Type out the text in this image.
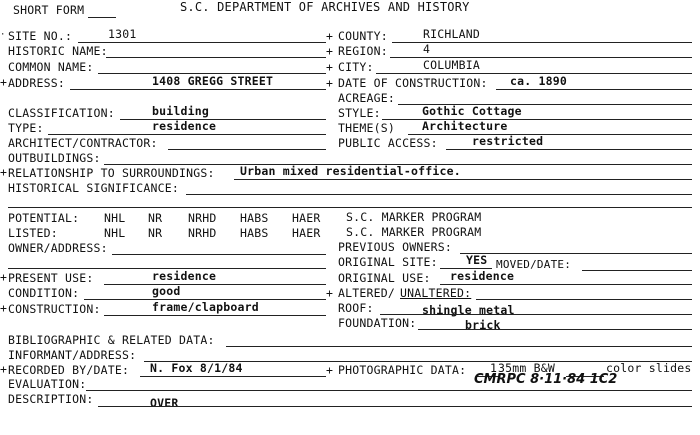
SHORT FORM	S.C. DEPARTMENT OF ARCHIVES AND HISTORY
· SITE NO.:	1301	+ COUNTY:	RICHLAND
HISTORIC NAME:	+ REGION:	4
COMMON NAME:	+ CITY:	COLUMBIA
+ ADDRESS:	1408 GREGG STREET	+ DATE OF CONSTRUCTION: ca. 1890
ACREAGE:
CLASSIFICATION:	building	STYLE:	Gothic Cottage
TYPE:	residence	THEME(S) Architecture
ARCHITECT/CONTRACTOR:	PUBLIC ACCESS:	restricted
OUTBUILDINGS:
+ RELATIONSHIP TO SURROUNDINGS: Urban mixed residential-office.
HISTORICAL SIGNIFICANCE:
POTENTIAL: NHL NR NRHD HABS HAER S.C. MARKER PROGRAM
LISTED:	NHL NR NRHD HABS HAER S.C. MARKER PROGRAM
OWNER/ADDRESS:	PREVIOUS OWNERS:
ORIGINAL SITE: YES MOVED/DATE:
+ PRESENT USE:	residence	ORIGINAL USE: residence
CONDITION:	good	+ ALTERED/ UNALTERED:
+ CONSTRUCTION:	frame/clapboard	ROOF:	shingle metal
FOUNDATION:	brick
BIBLIOGRAPHIC & RELATED DATA:
INFORMANT/ADDRESS:
+ RECORDED BY/DATE: N. Fox 8/1/84	+ PHOTOGRAPHIC DATA: 1 35mm B&W	color slides
EVALUATION:	CMRPC 8·11·84 1C2
DESCRIPTION:	OVER
